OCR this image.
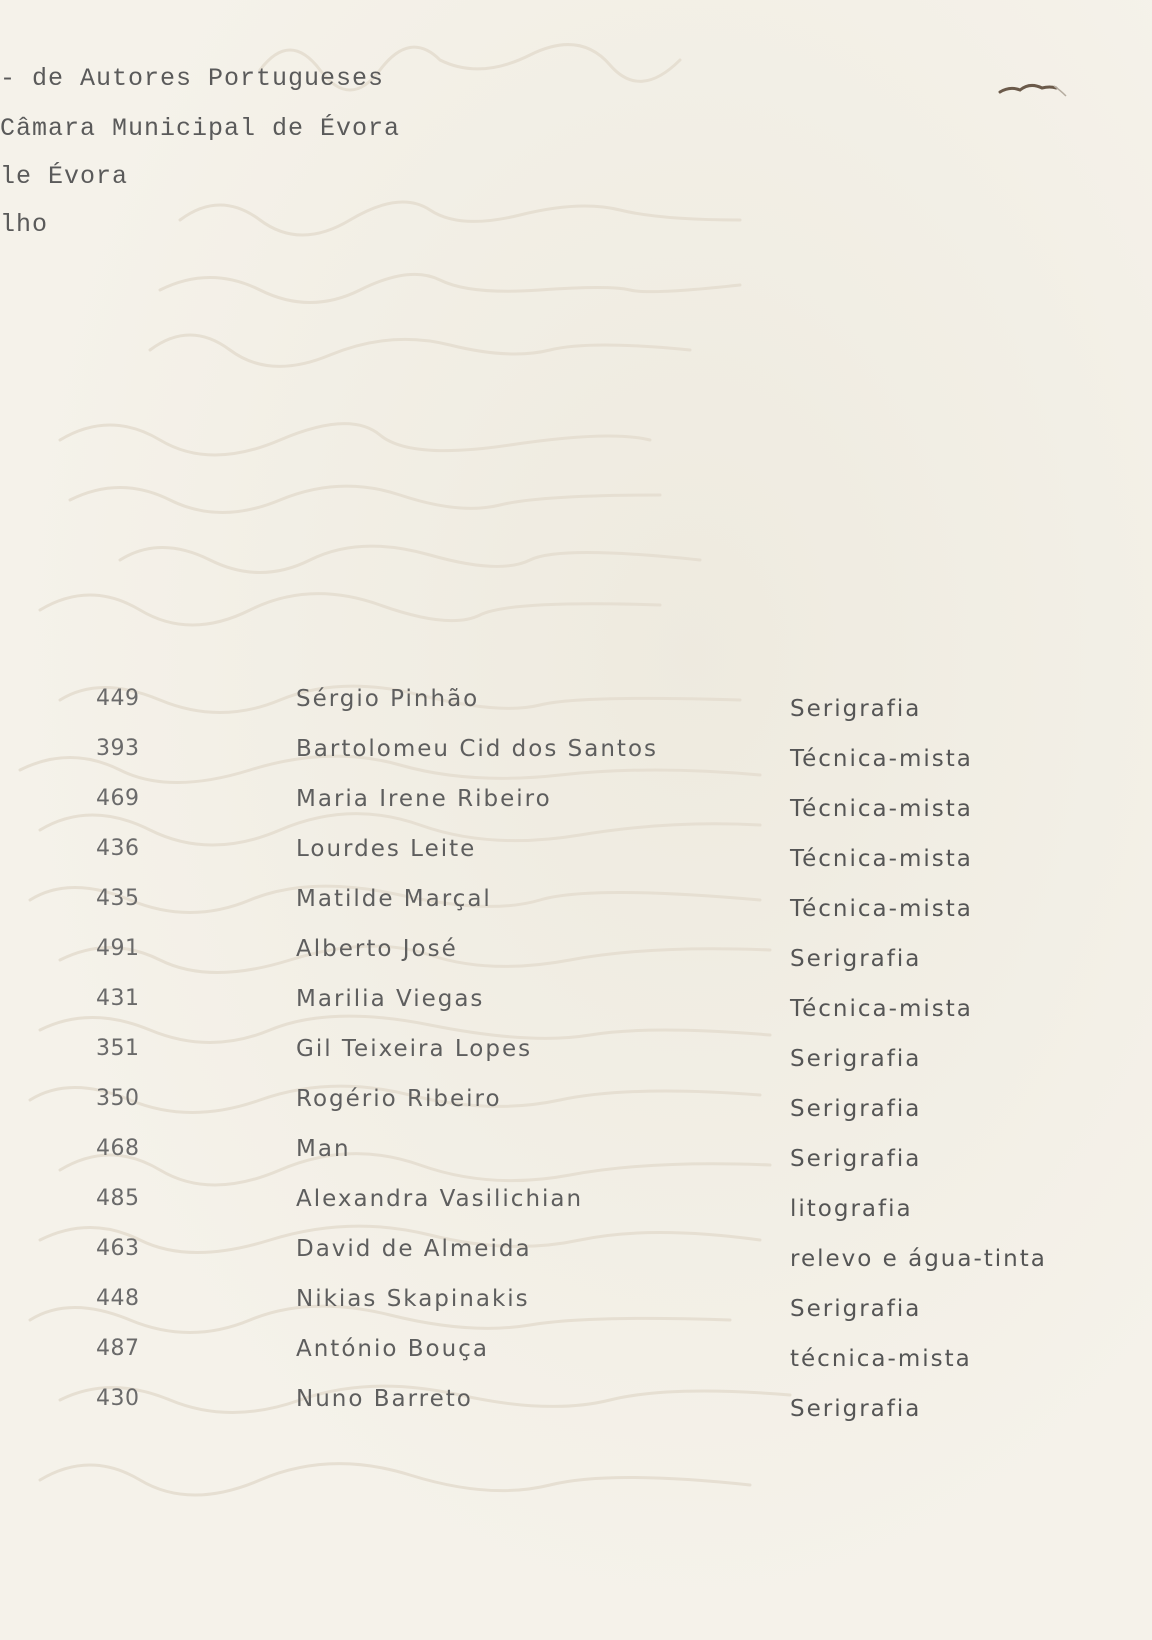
- de Autores Portugueses
Câmara Municipal de Évora
le Évora
lho
449	Sérgio Pinhão	Serigrafia
393	Bartolomeu Cid dos Santos	Técnica-mista
469	Maria Irene Ribeiro	Técnica-mista
436	Lourdes Leite	Técnica-mista
435	Matilde Marçal	Técnica-mista
491	Alberto José	Serigrafia
431	Marilia Viegas	Técnica-mista
351	Gil Teixeira Lopes	Serigrafia
350	Rogério Ribeiro	Serigrafia
468	Man	Serigrafia
485	Alexandra Vasilichian	litografia
463	David de Almeida	relevo e água-tinta
448	Nikias Skapinakis	Serigrafia
487	António Bouça	técnica-mista
430	Nuno Barreto	Serigrafia
